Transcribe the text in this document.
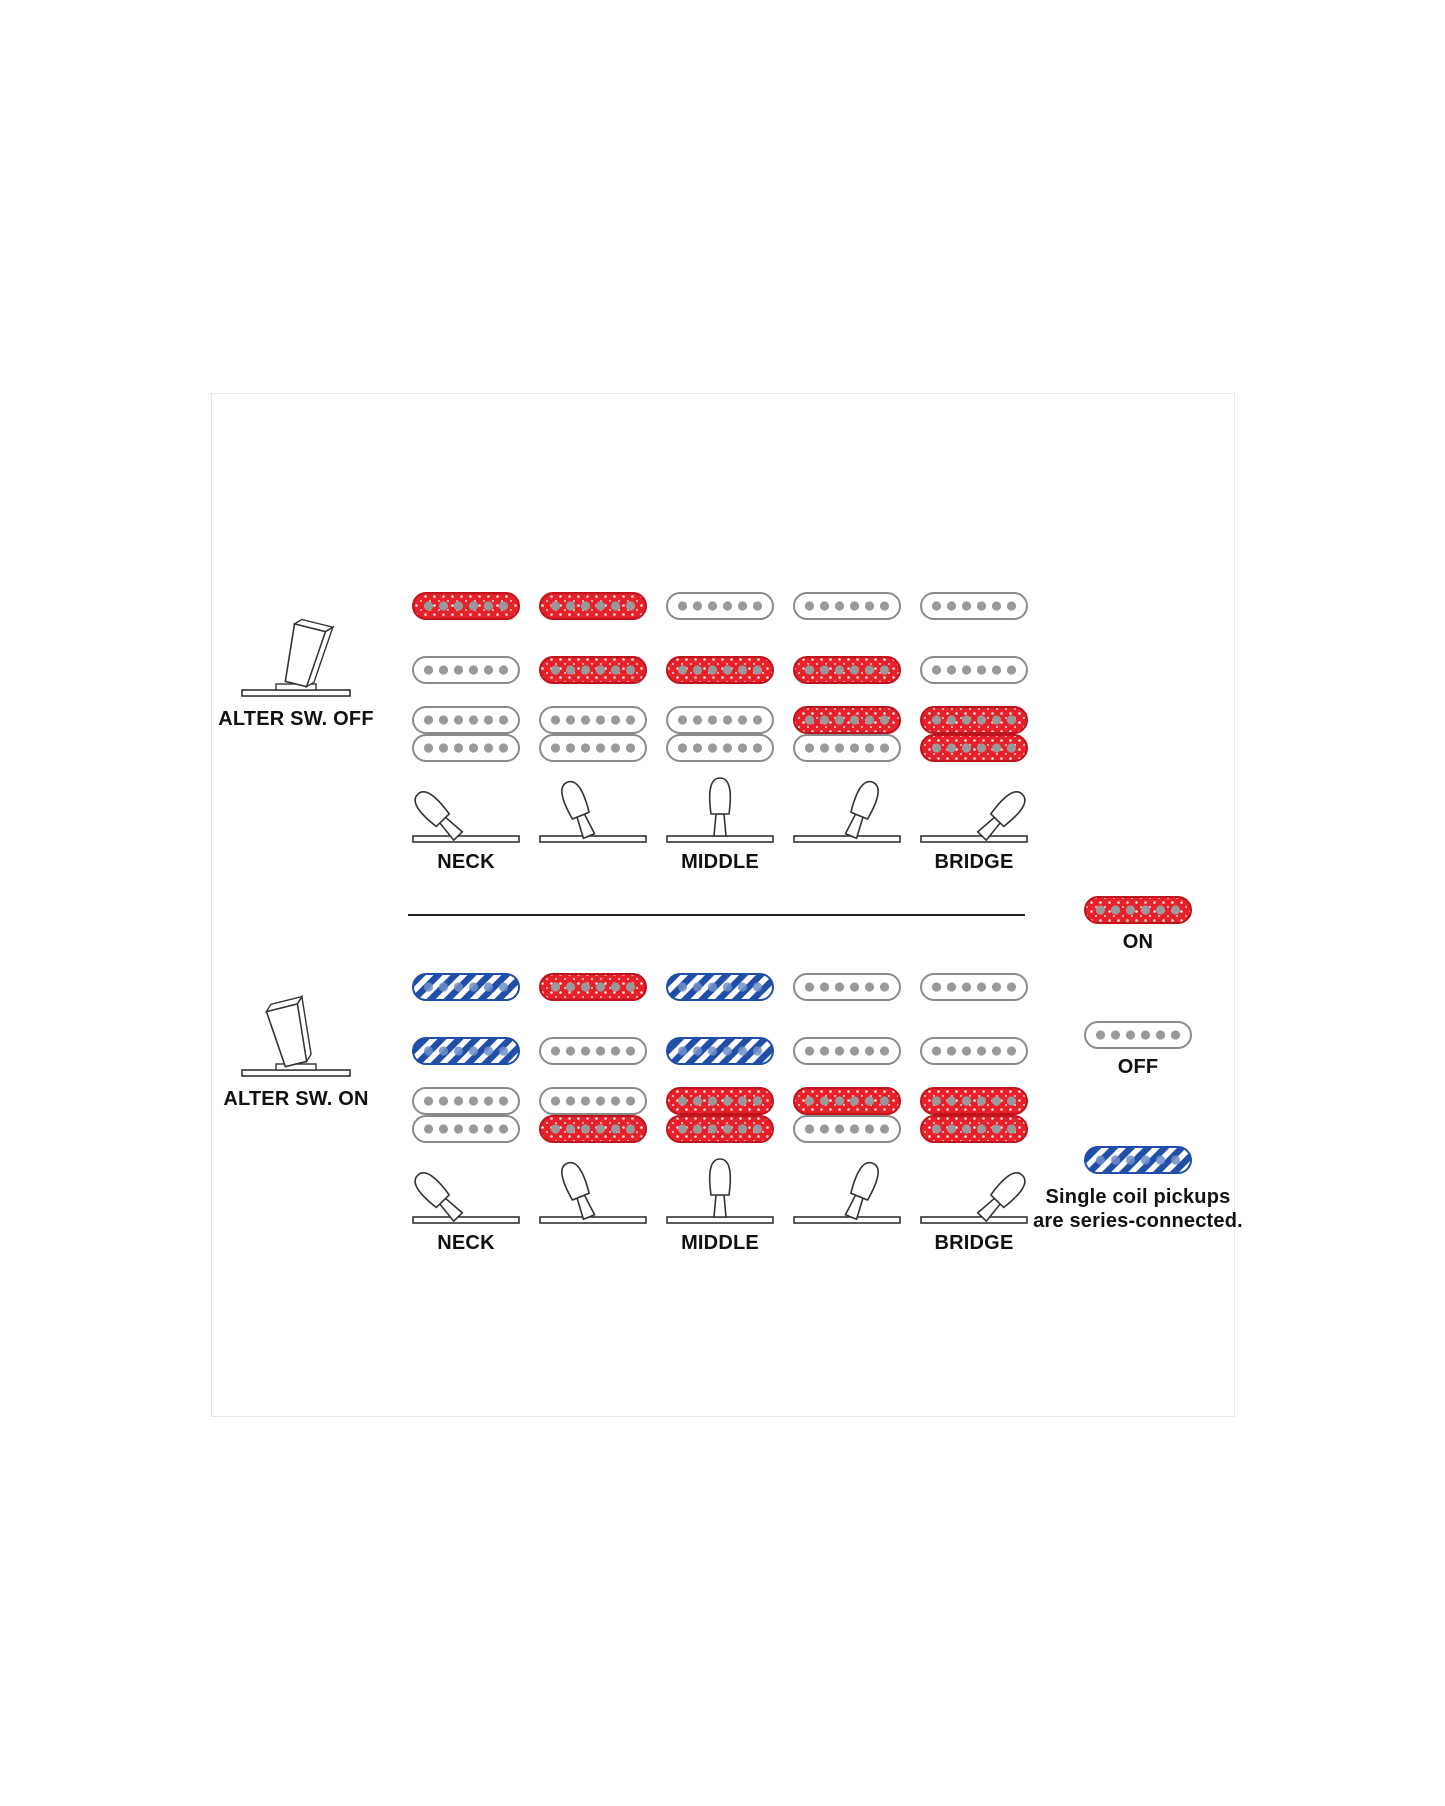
ALTER SW. OFF
NECK	MIDDLE	BRIDGE
ALTER SW. ON
NECK	MIDDLE	BRIDGE
ON
OFF
Single coil pickups
are series-connected.
